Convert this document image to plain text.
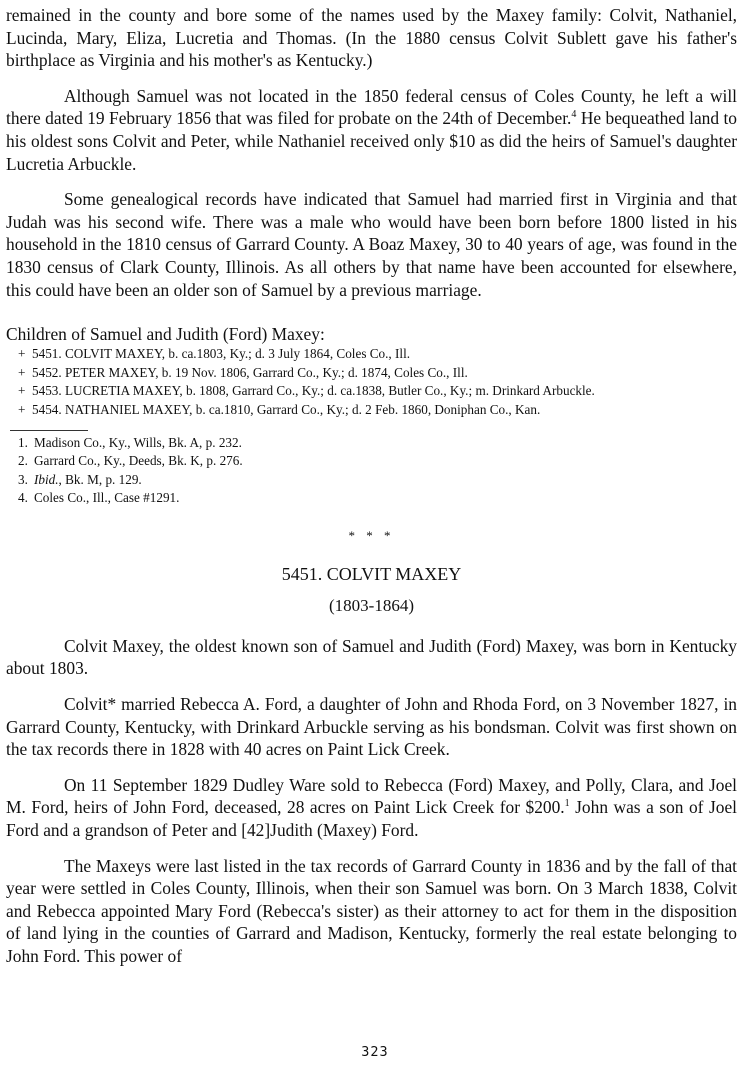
remained in the county and bore some of the names used by the Maxey family: Colvit, Nathaniel, Lucinda, Mary, Eliza, Lucretia and Thomas. (In the 1880 census Colvit Sublett gave his father's birthplace as Virginia and his mother's as Kentucky.)

Although Samuel was not located in the 1850 federal census of Coles County, he left a will there dated 19 February 1856 that was filed for probate on the 24th of December.$^4$ He bequeathed land to his oldest sons Colvit and Peter, while Nathaniel received only $10 as did the heirs of Samuel's daughter Lucretia Arbuckle.

Some genealogical records have indicated that Samuel had married first in Virginia and that Judah was his second wife. There was a male who would have been born before 1800 listed in his household in the 1810 census of Garrard County. A Boaz Maxey, 30 to 40 years of age, was found in the 1830 census of Clark County, Illinois. As all others by that name have been accounted for elsewhere, this could have been an older son of Samuel by a previous marriage.

Children of Samuel and Judith (Ford) Maxey:
+ 5451. COLVIT MAXEY, b. ca.1803, Ky.; d. 3 July 1864, Coles Co., Ill.
+ 5452. PETER MAXEY, b. 19 Nov. 1806, Garrard Co., Ky.; d. 1874, Coles Co., Ill.
+ 5453. LUCRETIA MAXEY, b. 1808, Garrard Co., Ky.; d. ca.1838, Butler Co., Ky.; m. Drinkard Arbuckle.
+ 5454. NATHANIEL MAXEY, b. ca.1810, Garrard Co., Ky.; d. 2 Feb. 1860, Doniphan Co., Kan.
1. Madison Co., Ky., Wills, Bk. A, p. 232.
2. Garrard Co., Ky., Deeds, Bk. K, p. 276.
3. Ibid., Bk. M, p. 129.
4. Coles Co., Ill., Case #1291.
* * *
5451. COLVIT MAXEY
(1803-1864)

Colvit Maxey, the oldest known son of Samuel and Judith (Ford) Maxey, was born in Kentucky about 1803.

Colvit* married Rebecca A. Ford, a daughter of John and Rhoda Ford, on 3 November 1827, in Garrard County, Kentucky, with Drinkard Arbuckle serving as his bondsman. Colvit was first shown on the tax records there in 1828 with 40 acres on Paint Lick Creek.

On 11 September 1829 Dudley Ware sold to Rebecca (Ford) Maxey, and Polly, Clara, and Joel M. Ford, heirs of John Ford, deceased, 28 acres on Paint Lick Creek for $200.$^1$ John was a son of Joel Ford and a grandson of Peter and [42]Judith (Maxey) Ford.

The Maxeys were last listed in the tax records of Garrard County in 1836 and by the fall of that year were settled in Coles County, Illinois, when their son Samuel was born. On 3 March 1838, Colvit and Rebecca appointed Mary Ford (Rebecca's sister) as their attorney to act for them in the disposition of land lying in the counties of Garrard and Madison, Kentucky, formerly the real estate belonging to John Ford. This power of

323
